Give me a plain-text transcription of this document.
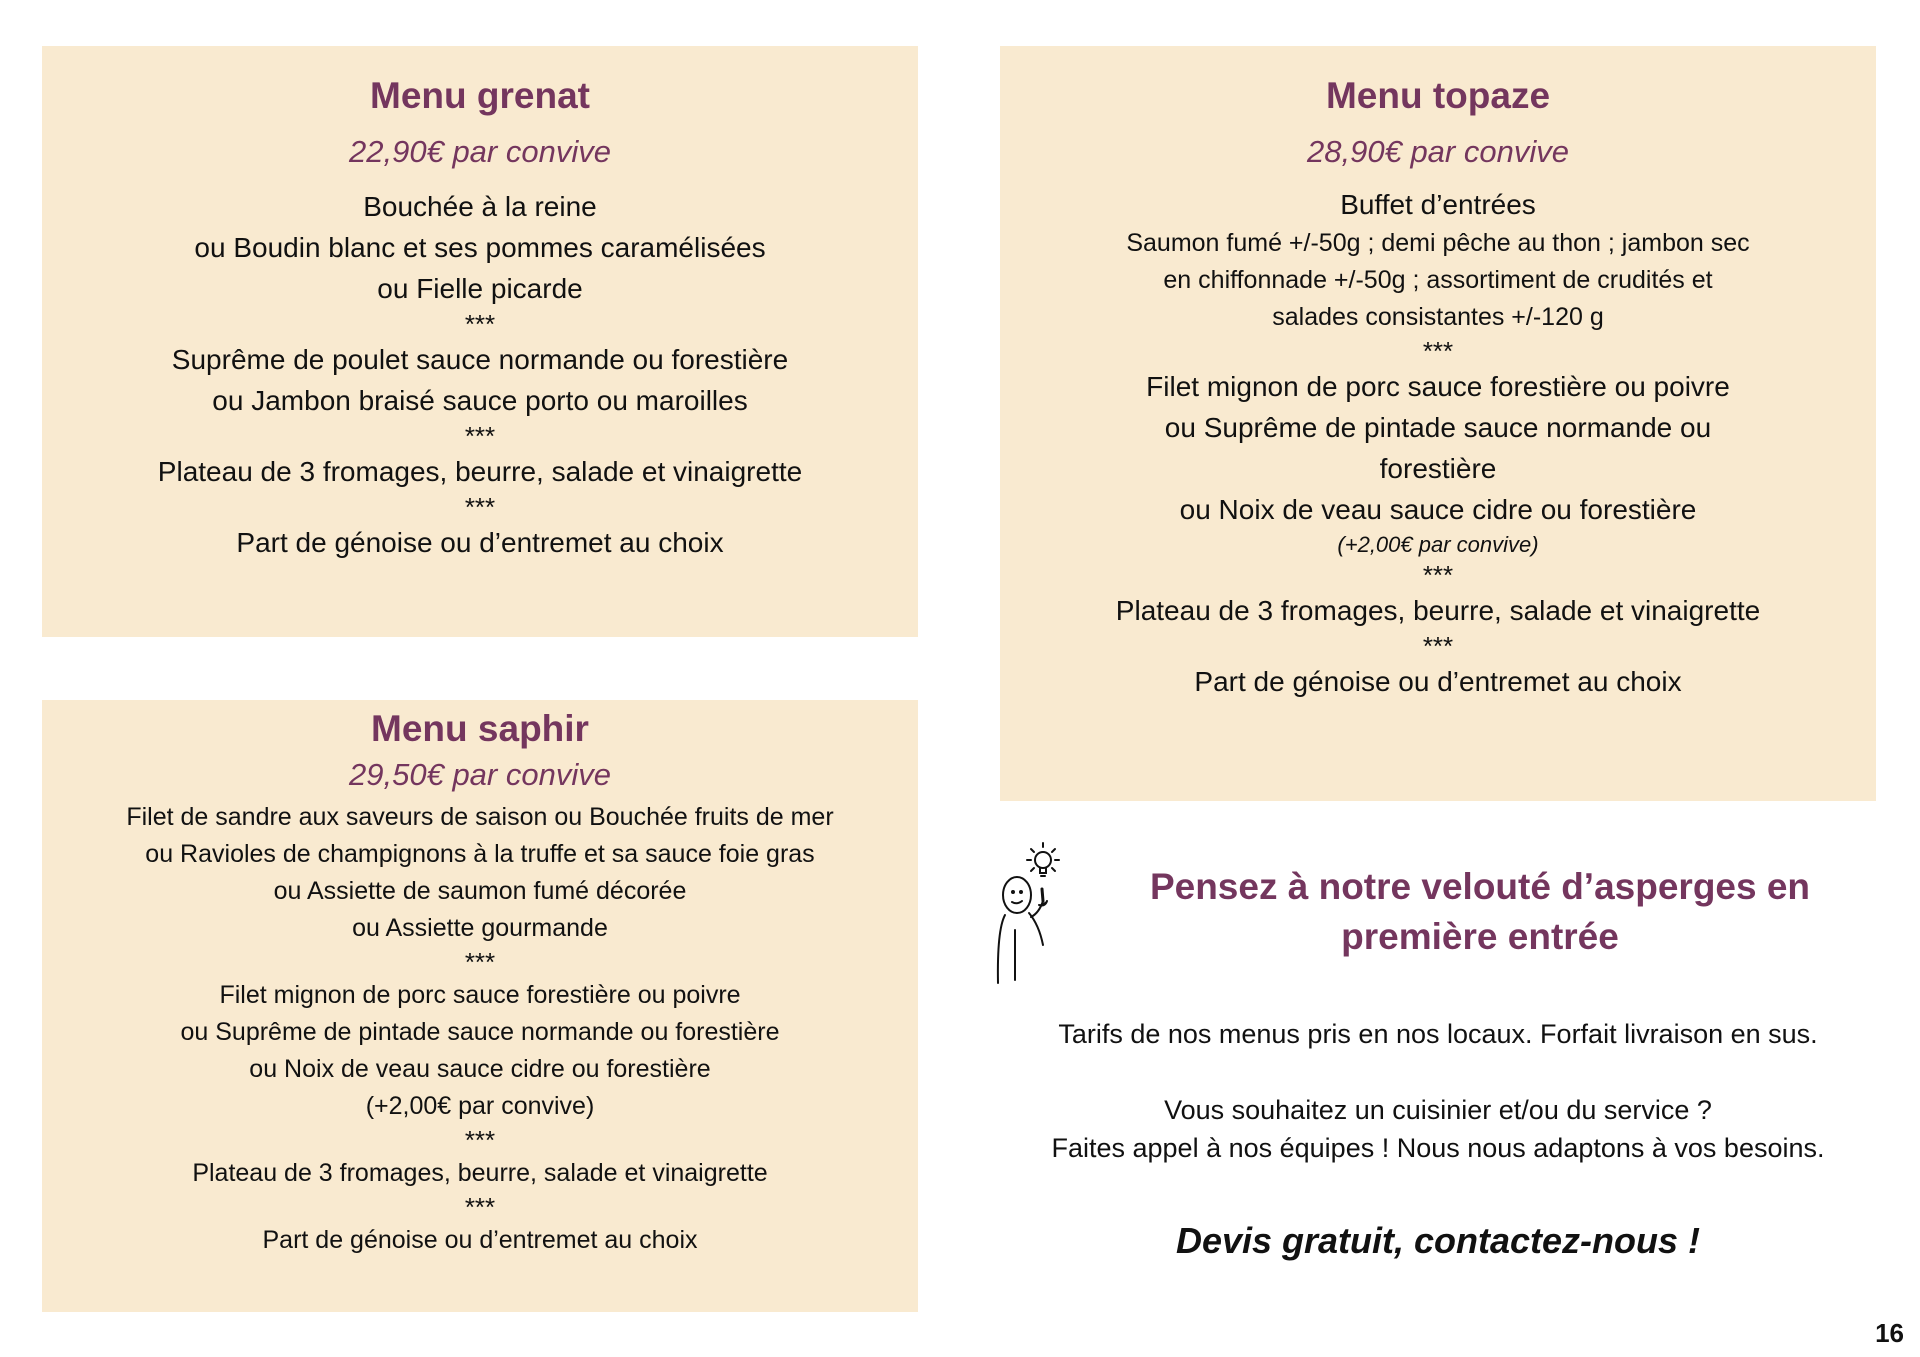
Menu grenat
22,90€ par convive
Bouchée à la reine
ou Boudin blanc et ses pommes caramélisées
ou Fielle picarde
***
Suprême de poulet sauce normande ou forestière
ou Jambon braisé sauce porto ou maroilles
***
Plateau de 3 fromages, beurre, salade et vinaigrette
***
Part de génoise ou d’entremet au choix
Menu topaze
28,90€ par convive
Buffet d’entrées
Saumon fumé +/-50g ; demi pêche au thon ; jambon sec
en chiffonnade +/-50g ; assortiment de crudités et
salades consistantes +/-120 g
***
Filet mignon de porc sauce forestière ou poivre
ou Suprême de pintade sauce normande ou
forestière
ou Noix de veau sauce cidre ou forestière
(+2,00€ par convive)
***
Plateau de 3 fromages, beurre, salade et vinaigrette
***
Part de génoise ou d’entremet au choix
Menu saphir
29,50€ par convive
Filet de sandre aux saveurs de saison ou Bouchée fruits de mer
ou Ravioles de champignons à la truffe et sa sauce foie gras
ou Assiette de saumon fumé décorée
ou Assiette gourmande
***
Filet mignon de porc sauce forestière ou poivre
ou Suprême de pintade sauce normande ou forestière
ou Noix de veau sauce cidre ou forestière
(+2,00€ par convive)
***
Plateau de 3 fromages, beurre, salade et vinaigrette
***
Part de génoise ou d’entremet au choix
Pensez à notre velouté d’asperges en
première entrée
Tarifs de nos menus pris en nos locaux. Forfait livraison en sus.
Vous souhaitez un cuisinier et/ou du service ?
Faites appel à nos équipes ! Nous nous adaptons à vos besoins.
Devis gratuit, contactez-nous !
16
